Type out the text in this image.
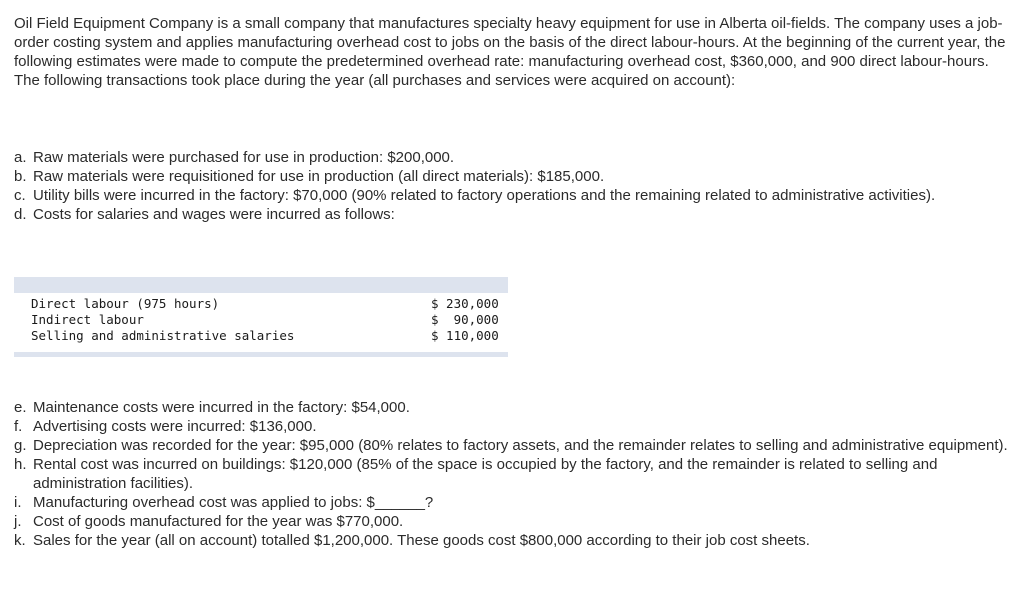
Oil Field Equipment Company is a small company that manufactures specialty heavy equipment for use in Alberta oil-fields. The company uses a job-order costing system and applies manufacturing overhead cost to jobs on the basis of the direct labour-hours. At the beginning of the current year, the following estimates were made to compute the predetermined overhead rate: manufacturing overhead cost, $360,000, and 900 direct labour-hours. The following transactions took place during the year (all purchases and services were acquired on account):

a. Raw materials were purchased for use in production: $200,000.
b. Raw materials were requisitioned for use in production (all direct materials): $185,000.
c. Utility bills were incurred in the factory: $70,000 (90% related to factory operations and the remaining related to administrative activities).
d. Costs for salaries and wages were incurred as follows:
Direct labour (975 hours)	$ 230,000
Indirect labour	$  90,000
Selling and administrative salaries	$ 110,000
e. Maintenance costs were incurred in the factory: $54,000.
f. Advertising costs were incurred: $136,000.
g. Depreciation was recorded for the year: $95,000 (80% relates to factory assets, and the remainder relates to selling and administrative equipment).
h. Rental cost was incurred on buildings: $120,000 (85% of the space is occupied by the factory, and the remainder is related to selling and administration facilities).
i. Manufacturing overhead cost was applied to jobs: $______?
j. Cost of goods manufactured for the year was $770,000.
k. Sales for the year (all on account) totalled $1,200,000. These goods cost $800,000 according to their job cost sheets.
